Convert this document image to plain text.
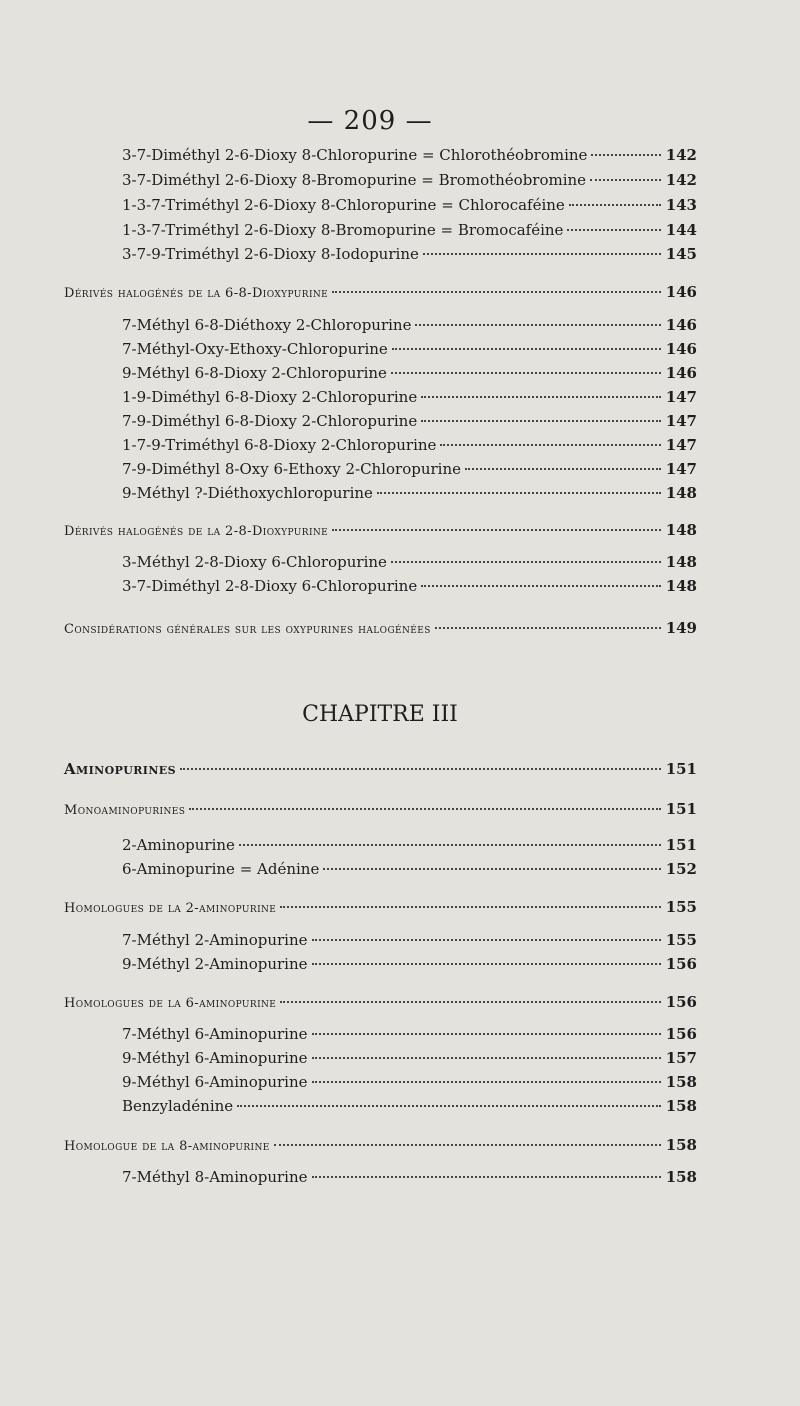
— 209 —
3-7-Diméthyl 2-6-Dioxy 8-Chloropurine = Chlorothéobromine	142
3-7-Diméthyl 2-6-Dioxy 8-Bromopurine = Bromothéobromine	142
1-3-7-Triméthyl 2-6-Dioxy 8-Chloropurine = Chlorocaféine	143
1-3-7-Triméthyl 2-6-Dioxy 8-Bromopurine = Bromocaféine	144
3-7-9-Triméthyl 2-6-Dioxy 8-Iodopurine	145
Dérivés halogénés de la 6-8-Dioxypurine	146
7-Méthyl 6-8-Diéthoxy 2-Chloropurine	146
7-Méthyl-Oxy-Ethoxy-Chloropurine	146
9-Méthyl 6-8-Dioxy 2-Chloropurine	146
1-9-Diméthyl 6-8-Dioxy 2-Chloropurine	147
7-9-Diméthyl 6-8-Dioxy 2-Chloropurine	147
1-7-9-Triméthyl 6-8-Dioxy 2-Chloropurine	147
7-9-Diméthyl 8-Oxy 6-Ethoxy 2-Chloropurine	147
9-Méthyl ?-Diéthoxychloropurine	148
Dérivés halogénés de la 2-8-Dioxypurine	148
3-Méthyl 2-8-Dioxy 6-Chloropurine	148
3-7-Diméthyl 2-8-Dioxy 6-Chloropurine	148
Considérations générales sur les oxypurines halogénées	149
CHAPITRE III
Aminopurines	151
Monoaminopurines	151
2-Aminopurine	151
6-Aminopurine = Adénine	152
Homologues de la 2-aminopurine	155
7-Méthyl 2-Aminopurine	155
9-Méthyl 2-Aminopurine	156
Homologues de la 6-aminopurine	156
7-Méthyl 6-Aminopurine	156
9-Méthyl 6-Aminopurine	157
9-Méthyl 6-Aminopurine	158
Benzyladénine	158
Homologue de la 8-aminopurine	158
7-Méthyl 8-Aminopurine	158
